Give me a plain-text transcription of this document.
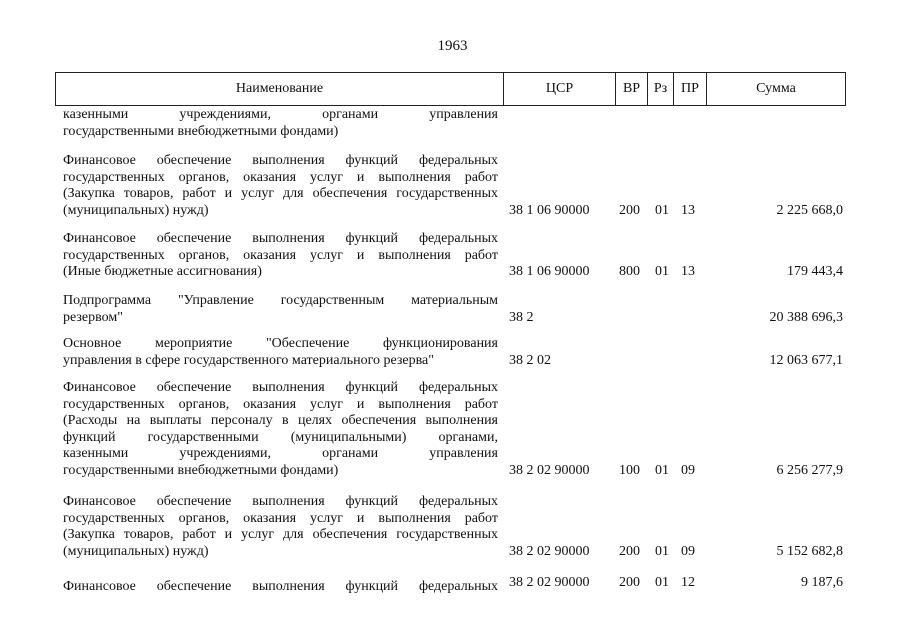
1963
Наименование	ЦСР	ВР Рз ПР	Сумма
казенными учреждениями, органами управления
государственными внебюджетными фондами)
Финансовое обеспечение выполнения функций федеральных
государственных органов, оказания услуг и выполнения работ
(Закупка товаров, работ и услуг для обеспечения государственных
(муниципальных) нужд)	38 1 06 90000 200 01 13	2 225 668,0
Финансовое обеспечение выполнения функций федеральных
государственных органов, оказания услуг и выполнения работ
(Иные бюджетные ассигнования)	38 1 06 90000 800 01 13	179 443,4
Подпрограмма "Управление государственным материальным
резервом"	38 2	20 388 696,3
Основное мероприятие "Обеспечение функционирования
управления в сфере государственного материального резерва"	38 2 02	12 063 677,1
Финансовое обеспечение выполнения функций федеральных
государственных органов, оказания услуг и выполнения работ
(Расходы на выплаты персоналу в целях обеспечения выполнения
функций государственными (муниципальными) органами,
казенными учреждениями, органами управления
государственными внебюджетными фондами)	38 2 02 90000 100 01 09	6 256 277,9
Финансовое обеспечение выполнения функций федеральных
государственных органов, оказания услуг и выполнения работ
(Закупка товаров, работ и услуг для обеспечения государственных
(муниципальных) нужд)	38 2 02 90000 200 01 09	5 152 682,8
Финансовое обеспечение выполнения функций федеральных 38 2 02 90000 200 01 12	9 187,6
